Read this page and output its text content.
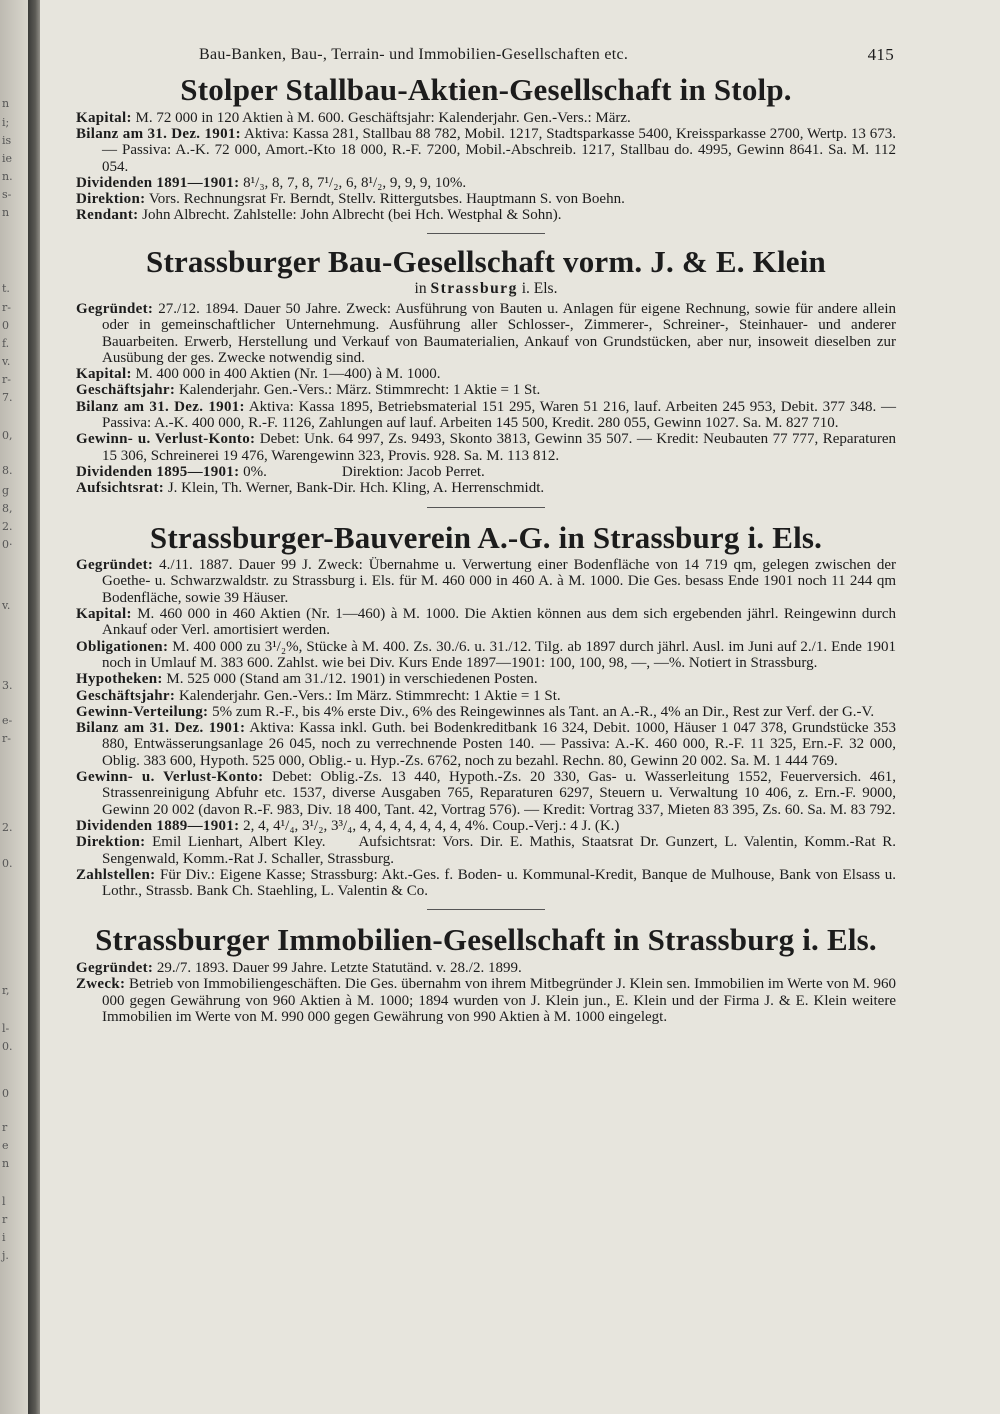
n
i;
is
ie
n.
s-
n
t.
r-
0
f.
v.
r-
7.
0,
8.
g
8,
2.
0·
v.
3.
e-
r-
2.
0.
r,
l-
0.
0
r
e
n
l
r
i
j.
Bau-Banken, Bau-, Terrain- und Immobilien-Gesellschaften etc.	415
Stolper Stallbau-Aktien-Gesellschaft in Stolp.

Kapital: M. 72 000 in 120 Aktien à M. 600. Geschäftsjahr: Kalenderjahr. Gen.-Vers.: März.

Bilanz am 31. Dez. 1901: Aktiva: Kassa 281, Stallbau 88 782, Mobil. 1217, Stadtsparkasse 5400, Kreissparkasse 2700, Wertp. 13 673. — Passiva: A.-K. 72 000, Amort.-Kto 18 000, R.-F. 7200, Mobil.-Abschreib. 1217, Stallbau do. 4995, Gewinn 8641. Sa. M. 112 054.

Dividenden 1891—1901: 8¹/₃, 8, 7, 8, 7¹/₂, 6, 8¹/₂, 9, 9, 9, 10%.

Direktion: Vors. Rechnungsrat Fr. Berndt, Stellv. Rittergutsbes. Hauptmann S. von Boehn.

Rendant: John Albrecht. Zahlstelle: John Albrecht (bei Hch. Westphal & Sohn).

Strassburger Bau-Gesellschaft vorm. J. & E. Klein
in Strassburg i. Els.

Gegründet: 27./12. 1894. Dauer 50 Jahre. Zweck: Ausführung von Bauten u. Anlagen für eigene Rechnung, sowie für andere allein oder in gemeinschaftlicher Unternehmung. Ausführung aller Schlosser-, Zimmerer-, Schreiner-, Steinhauer- und anderer Bauarbeiten. Erwerb, Herstellung und Verkauf von Baumaterialien, Ankauf von Grundstücken, aber nur, insoweit dieselben zur Ausübung der ges. Zwecke notwendig sind.

Kapital: M. 400 000 in 400 Aktien (Nr. 1—400) à M. 1000.

Geschäftsjahr: Kalenderjahr. Gen.-Vers.: März. Stimmrecht: 1 Aktie = 1 St.

Bilanz am 31. Dez. 1901: Aktiva: Kassa 1895, Betriebsmaterial 151 295, Waren 51 216, lauf. Arbeiten 245 953, Debit. 377 348. — Passiva: A.-K. 400 000, R.-F. 1126, Zahlungen auf lauf. Arbeiten 145 500, Kredit. 280 055, Gewinn 1027. Sa. M. 827 710.

Gewinn- u. Verlust-Konto: Debet: Unk. 64 997, Zs. 9493, Skonto 3813, Gewinn 35 507. — Kredit: Neubauten 77 777, Reparaturen 15 306, Schreinerei 19 476, Warengewinn 323, Provis. 928. Sa. M. 113 812.

Dividenden 1895—1901: 0%.                    Direktion: Jacob Perret.

Aufsichtsrat: J. Klein, Th. Werner, Bank-Dir. Hch. Kling, A. Herrenschmidt.

Strassburger-Bauverein A.-G. in Strassburg i. Els.

Gegründet: 4./11. 1887. Dauer 99 J. Zweck: Übernahme u. Verwertung einer Bodenfläche von 14 719 qm, gelegen zwischen der Goethe- u. Schwarzwaldstr. zu Strassburg i. Els. für M. 460 000 in 460 A. à M. 1000. Die Ges. besass Ende 1901 noch 11 244 qm Bodenfläche, sowie 39 Häuser.

Kapital: M. 460 000 in 460 Aktien (Nr. 1—460) à M. 1000. Die Aktien können aus dem sich ergebenden jährl. Reingewinn durch Ankauf oder Verl. amortisiert werden.

Obligationen: M. 400 000 zu 3¹/₂%, Stücke à M. 400. Zs. 30./6. u. 31./12. Tilg. ab 1897 durch jährl. Ausl. im Juni auf 2./1. Ende 1901 noch in Umlauf M. 383 600. Zahlst. wie bei Div. Kurs Ende 1897—1901: 100, 100, 98, —, —%. Notiert in Strassburg.

Hypotheken: M. 525 000 (Stand am 31./12. 1901) in verschiedenen Posten.

Geschäftsjahr: Kalenderjahr. Gen.-Vers.: Im März. Stimmrecht: 1 Aktie = 1 St.

Gewinn-Verteilung: 5% zum R.-F., bis 4% erste Div., 6% des Reingewinnes als Tant. an A.-R., 4% an Dir., Rest zur Verf. der G.-V.

Bilanz am 31. Dez. 1901: Aktiva: Kassa inkl. Guth. bei Bodenkreditbank 16 324, Debit. 1000, Häuser 1 047 378, Grundstücke 353 880, Entwässerungsanlage 26 045, noch zu verrechnende Posten 140. — Passiva: A.-K. 460 000, R.-F. 11 325, Ern.-F. 32 000, Oblig. 383 600, Hypoth. 525 000, Oblig.- u. Hyp.-Zs. 6762, noch zu bezahl. Rechn. 80, Gewinn 20 002. Sa. M. 1 444 769.

Gewinn- u. Verlust-Konto: Debet: Oblig.-Zs. 13 440, Hypoth.-Zs. 20 330, Gas- u. Wasserleitung 1552, Feuerversich. 461, Strassenreinigung Abfuhr etc. 1537, diverse Ausgaben 765, Reparaturen 6297, Steuern u. Verwaltung 10 406, z. Ern.-F. 9000, Gewinn 20 002 (davon R.-F. 983, Div. 18 400, Tant. 42, Vortrag 576). — Kredit: Vortrag 337, Mieten 83 395, Zs. 60. Sa. M. 83 792.

Dividenden 1889—1901: 2, 4, 4¹/₄, 3¹/₂, 3³/₄, 4, 4, 4, 4, 4, 4, 4, 4%. Coup.-Verj.: 4 J. (K.)

Direktion: Emil Lienhart, Albert Kley.     Aufsichtsrat: Vors. Dir. E. Mathis, Staatsrat Dr. Gunzert, L. Valentin, Komm.-Rat R. Sengenwald, Komm.-Rat J. Schaller, Strassburg.

Zahlstellen: Für Div.: Eigene Kasse; Strassburg: Akt.-Ges. f. Boden- u. Kommunal-Kredit, Banque de Mulhouse, Bank von Elsass u. Lothr., Strassb. Bank Ch. Staehling, L. Valentin & Co.

Strassburger Immobilien-Gesellschaft in Strassburg i. Els.

Gegründet: 29./7. 1893. Dauer 99 Jahre. Letzte Statutänd. v. 28./2. 1899.

Zweck: Betrieb von Immobiliengeschäften. Die Ges. übernahm von ihrem Mitbegründer J. Klein sen. Immobilien im Werte von M. 960 000 gegen Gewährung von 960 Aktien à M. 1000; 1894 wurden von J. Klein jun., E. Klein und der Firma J. & E. Klein weitere Immobilien im Werte von M. 990 000 gegen Gewährung von 990 Aktien à M. 1000 eingelegt.
